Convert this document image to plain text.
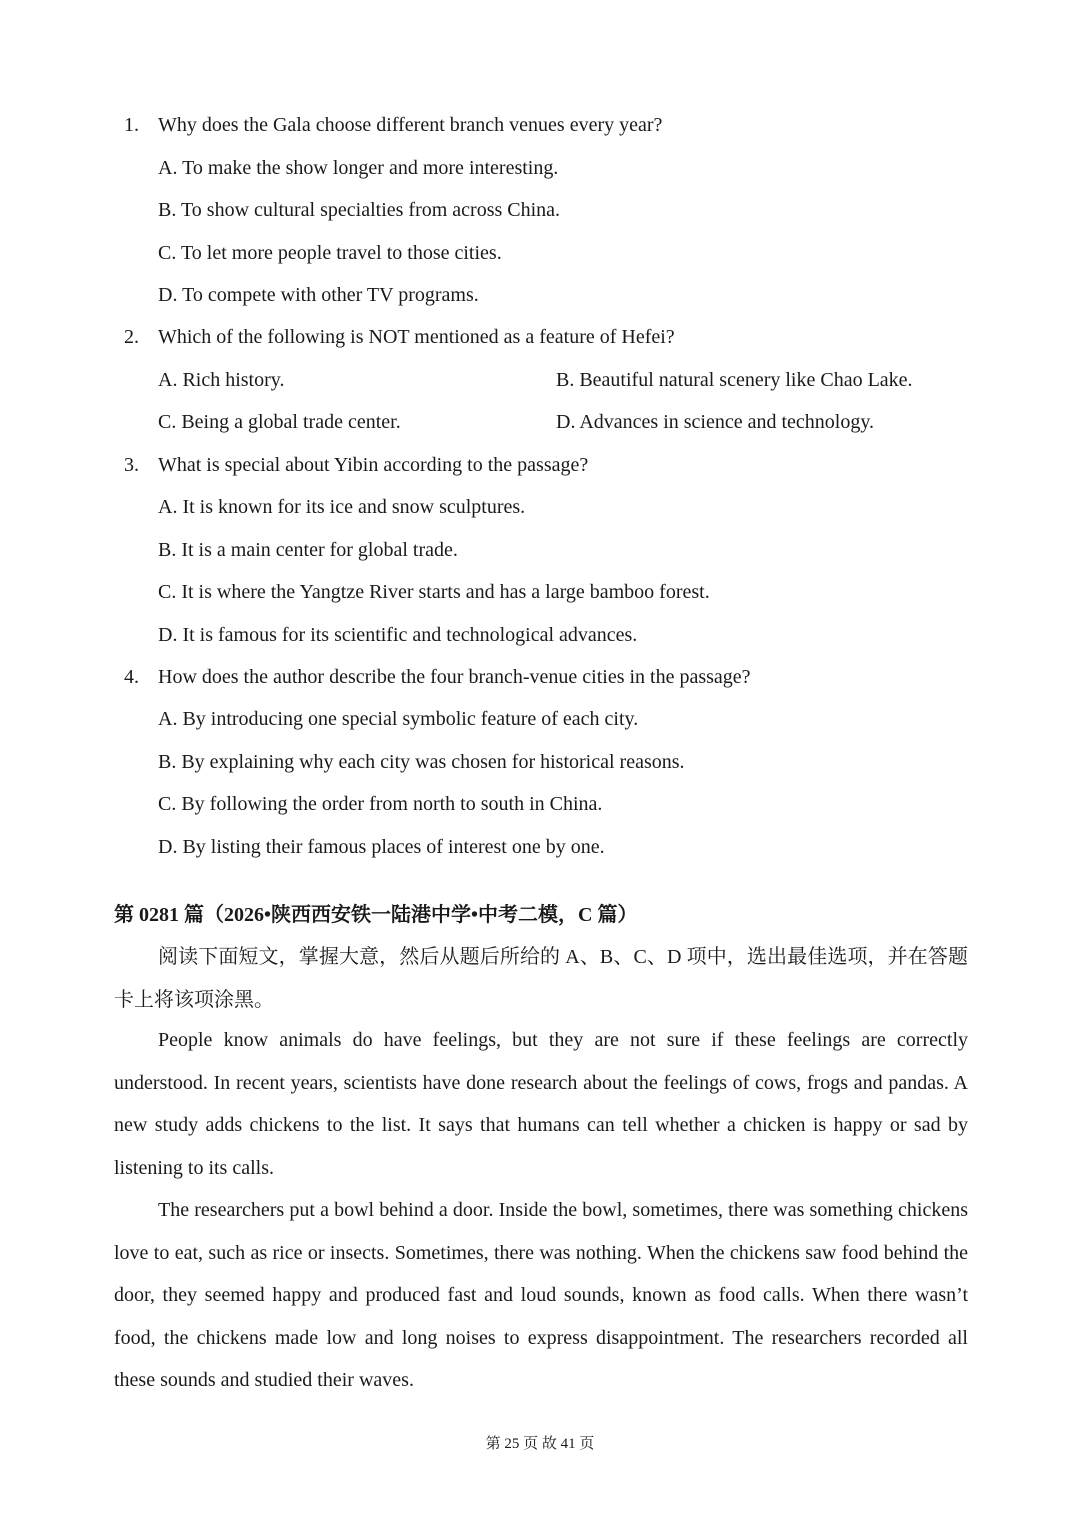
1. Why does the Gala choose different branch venues every year?
A. To make the show longer and more interesting.
B. To show cultural specialties from across China.
C. To let more people travel to those cities.
D. To compete with other TV programs.
2. Which of the following is NOT mentioned as a feature of Hefei?
A. Rich history.	B. Beautiful natural scenery like Chao Lake.
C. Being a global trade center.	D. Advances in science and technology.
3. What is special about Yibin according to the passage?
A. It is known for its ice and snow sculptures.
B. It is a main center for global trade.
C. It is where the Yangtze River starts and has a large bamboo forest.
D. It is famous for its scientific and technological advances.
4. How does the author describe the four branch-venue cities in the passage?
A. By introducing one special symbolic feature of each city.
B. By explaining why each city was chosen for historical reasons.
C. By following the order from north to south in China.
D. By listing their famous places of interest one by one.
第 0281 篇（2026•陕西西安铁一陆港中学•中考二模，C 篇）
阅读下面短文，掌握大意，然后从题后所给的 A、B、C、D 项中，选出最佳选项，并在答题卡上将该项涂黑。
People know animals do have feelings, but they are not sure if these feelings are correctly understood. In recent years, scientists have done research about the feelings of cows, frogs and pandas. A new study adds chickens to the list. It says that humans can tell whether a chicken is happy or sad by listening to its calls.
The researchers put a bowl behind a door. Inside the bowl, sometimes, there was something chickens love to eat, such as rice or insects. Sometimes, there was nothing. When the chickens saw food behind the door, they seemed happy and produced fast and loud sounds, known as food calls. When there wasn’t food, the chickens made low and long noises to express disappointment. The researchers recorded all these sounds and studied their waves.
第 25 页 故 41 页
